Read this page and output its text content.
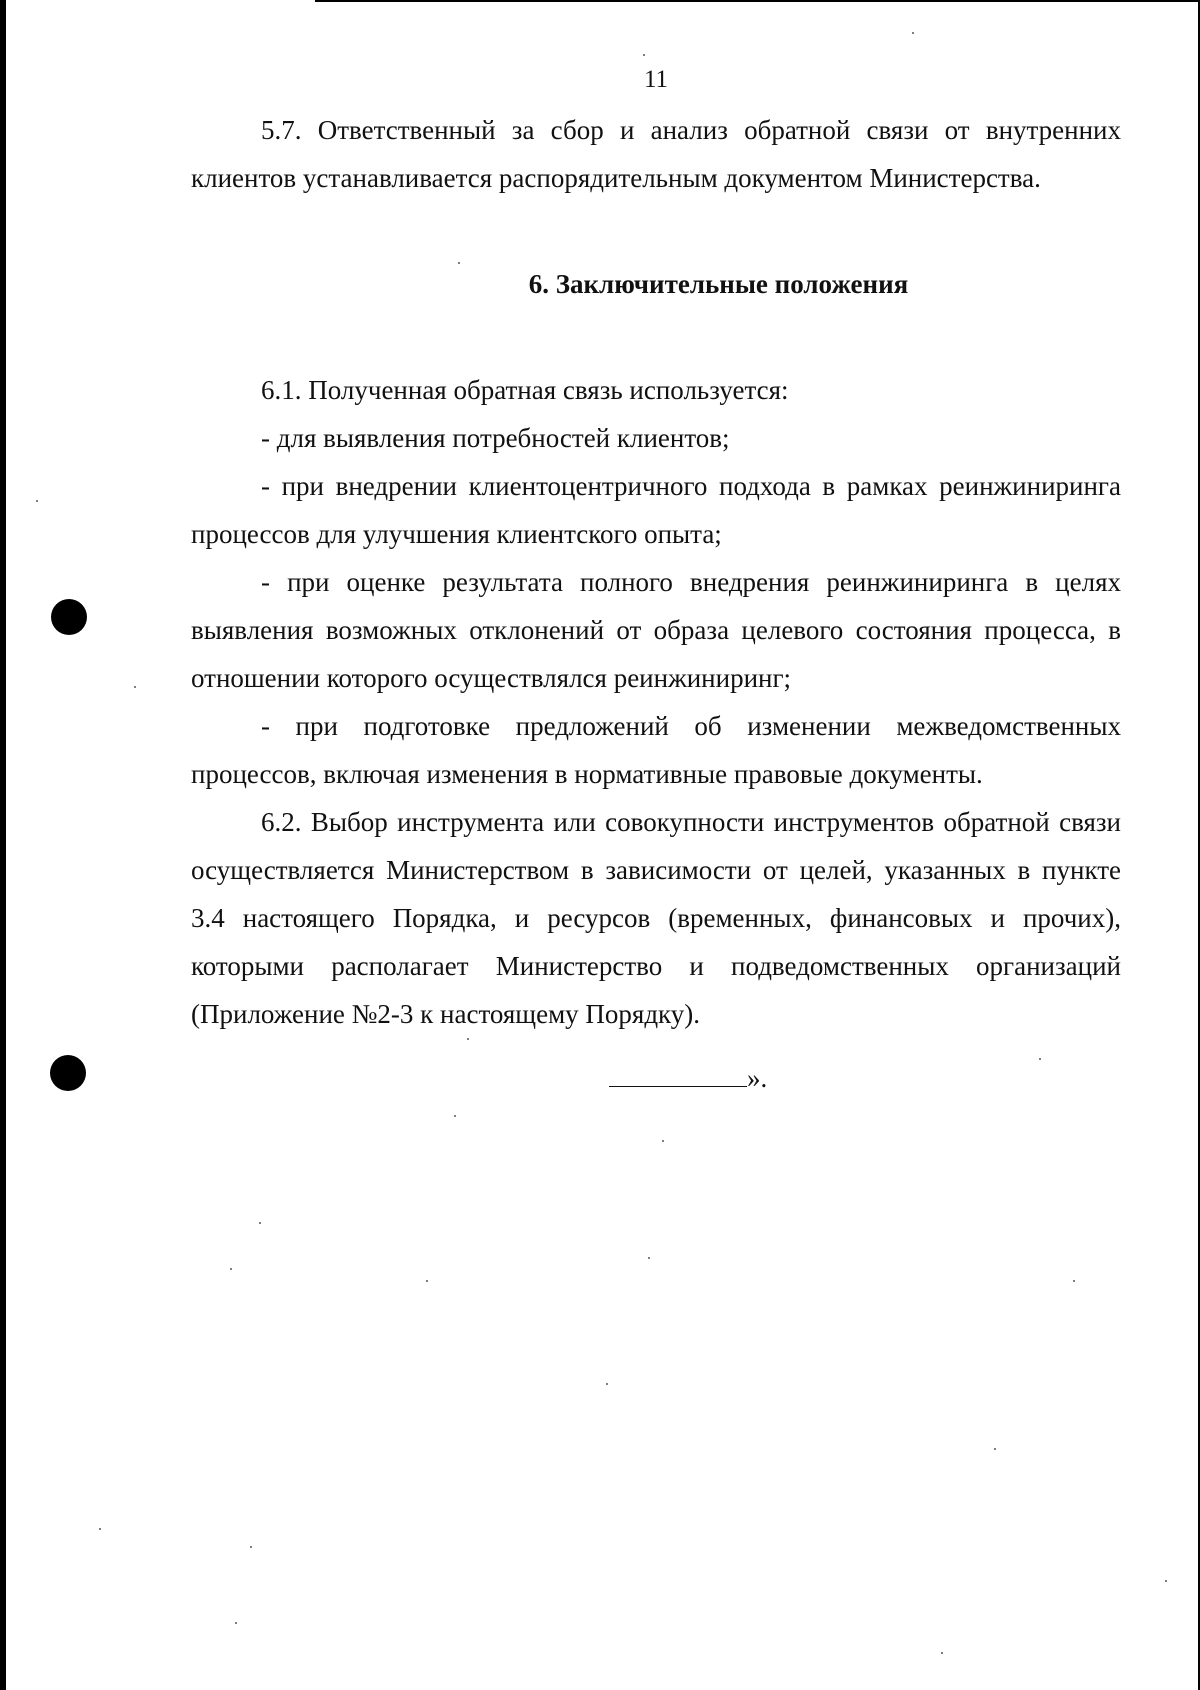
11

5.7. Ответственный за сбор и анализ обратной связи от внутренних клиентов устанавливается распорядительным документом Министерства.

6. Заключительные положения

6.1. Полученная обратная связь используется:

- для выявления потребностей клиентов;

- при внедрении клиентоцентричного подхода в рамках реинжиниринга процессов для улучшения клиентского опыта;

- при оценке результата полного внедрения реинжиниринга в целях выявления возможных отклонений от образа целевого состояния процесса, в отношении которого осуществлялся реинжиниринг;

- при подготовке предложений об изменении межведомственных процессов, включая изменения в нормативные правовые документы.

6.2. Выбор инструмента или совокупности инструментов обратной связи осуществляется Министерством в зависимости от целей, указанных в пункте 3.4 настоящего Порядка, и ресурсов (временных, финансовых и прочих), которыми располагает Министерство и подведомственных организаций (Приложение №2-3 к настоящему Порядку).

».
